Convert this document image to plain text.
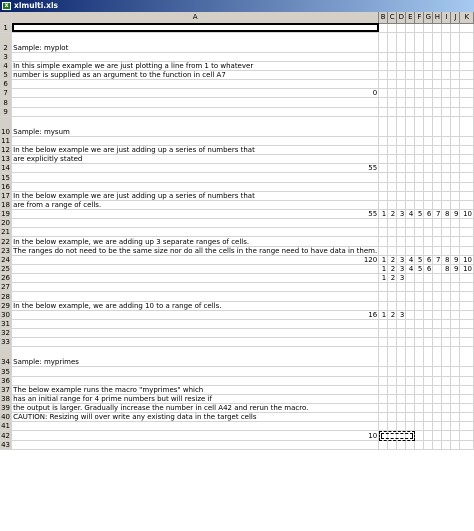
x xlmulti.xls
	A	B	C	D	E	F	G	H	I	J	K
1											
2	Sample: myplot										
3											
4	In this simple example we are just plotting a line from 1 to whatever										
5	number is supplied as an argument to the function in cell A7										
6											
7	0										
8											
9											
10	Sample: mysum										
11											
12	In the below example we are just adding up a series of numbers that										
13	are explicitly stated										
14	55										
15											
16											
17	In the below example we are just adding up a series of numbers that										
18	are from a range of cells.										
19	55	1	2	3	4	5	6	7	8	9	10
20											
21											
22	In the below example, we are adding up 3 separate ranges of cells.										
23	The ranges do not need to be the same size nor do all the cells in the range need to have data in them.										
24	120	1	2	3	4	5	6	7	8	9	10
25		1	2	3	4	5	6		8	9	10
26		1	2	3							
27											
28											
29	In the below example, we are adding 10 to a range of cells.										
30	16	1	2	3							
31											
32											
33											
34	Sample: myprimes										
35											
36											
37	The below example runs the macro "myprimes" which										
38	has an initial range for 4 prime numbers but will resize if										
39	the output is larger. Gradually increase the number in cell A42 and rerun the macro.										
40	CAUTION: Resizing will over write any existing data in the target cells										
41											
42	10										
43											
